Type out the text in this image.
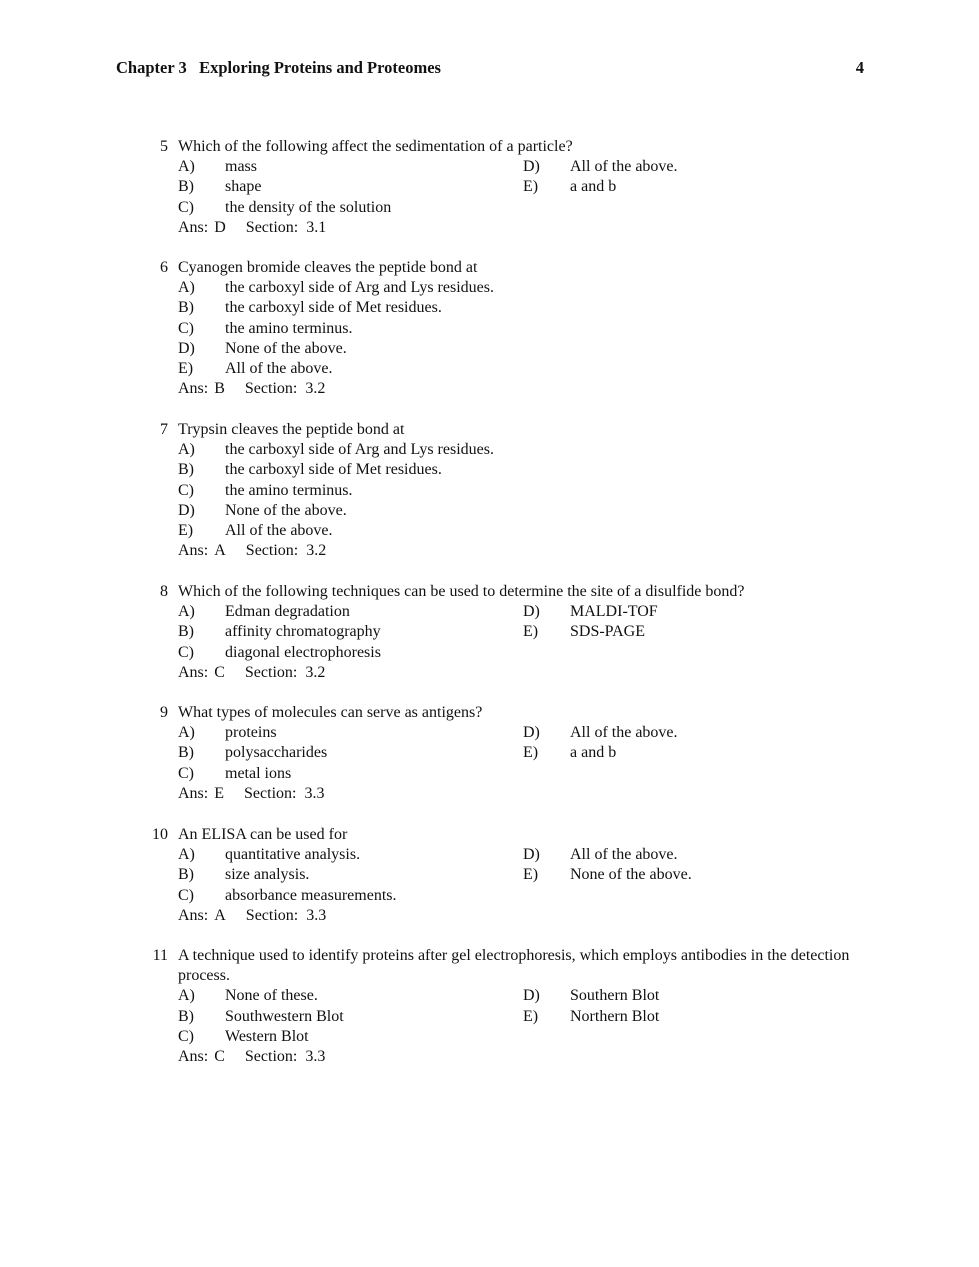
Chapter 3   Exploring Proteins and Proteomes	4
5 Which of the following affect the sedimentation of a particle?
A) mass
B) shape
C) the density of the solution
D) All of the above.
E) a and b
Ans: D Section: 3.1
6 Cyanogen bromide cleaves the peptide bond at
A) the carboxyl side of Arg and Lys residues.
B) the carboxyl side of Met residues.
C) the amino terminus.
D) None of the above.
E) All of the above.
Ans: B Section: 3.2
7 Trypsin cleaves the peptide bond at
A) the carboxyl side of Arg and Lys residues.
B) the carboxyl side of Met residues.
C) the amino terminus.
D) None of the above.
E) All of the above.
Ans: A Section: 3.2
8 Which of the following techniques can be used to determine the site of a disulfide bond?
A) Edman degradation
B) affinity chromatography
C) diagonal electrophoresis
D) MALDI-TOF
E) SDS-PAGE
Ans: C Section: 3.2
9 What types of molecules can serve as antigens?
A) proteins
B) polysaccharides
C) metal ions
D) All of the above.
E) a and b
Ans: E Section: 3.3
10 An ELISA can be used for
A) quantitative analysis.
B) size analysis.
C) absorbance measurements.
D) All of the above.
E) None of the above.
Ans: A Section: 3.3
11 A technique used to identify proteins after gel electrophoresis, which employs antibodies in the detection process.
A) None of these.
B) Southwestern Blot
C) Western Blot
D) Southern Blot
E) Northern Blot
Ans: C Section: 3.3
